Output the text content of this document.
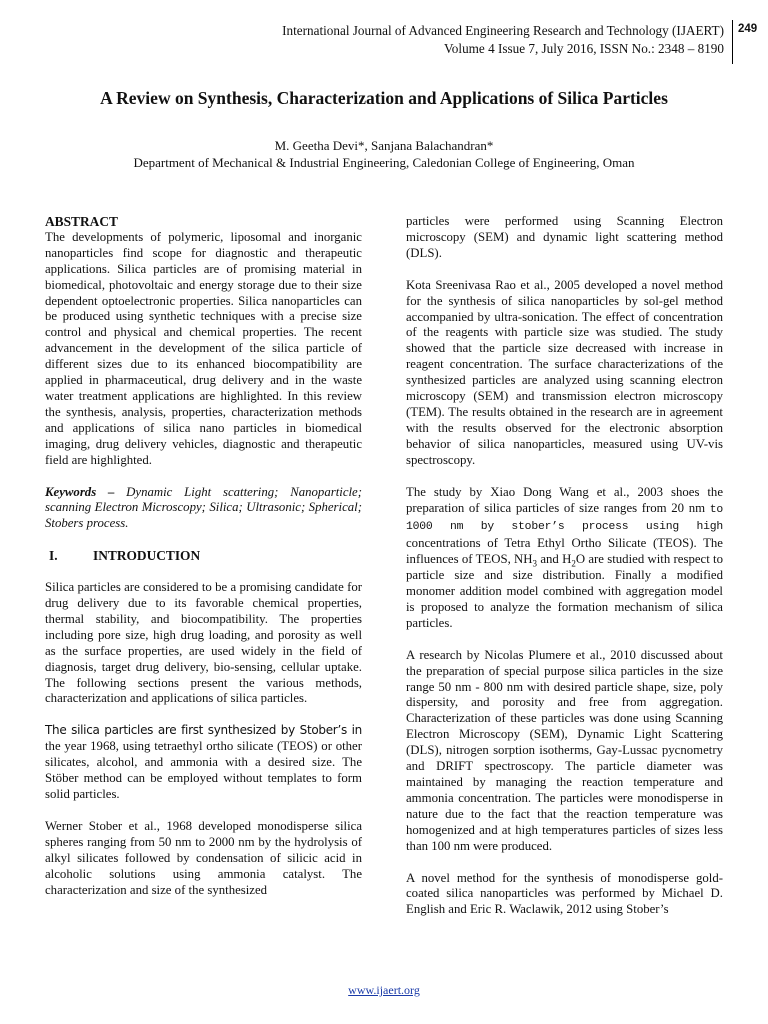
International Journal of Advanced Engineering Research and Technology (IJAERT)
Volume 4 Issue 7, July 2016, ISSN No.: 2348 – 8190
249
A Review on Synthesis, Characterization and Applications of Silica Particles
M. Geetha Devi*, Sanjana Balachandran*
Department of Mechanical & Industrial Engineering, Caledonian College of Engineering, Oman
ABSTRACT

The developments of polymeric, liposomal and inorganic nanoparticles find scope for diagnostic and therapeutic applications. Silica particles are of promising material in biomedical, photovoltaic and energy storage due to their size dependent optoelectronic properties. Silica nanoparticles can be produced using synthetic techniques with a precise size control and physical and chemical properties. The recent advancement in the development of the silica particle of different sizes due to its enhanced biocompatibility are applied in pharmaceutical, drug delivery and in the waste water treatment applications are highlighted. In this review the synthesis, analysis, properties, characterization methods and applications of silica nano particles in biomedical imaging, drug delivery vehicles, diagnostic and therapeutic field are highlighted.

Keywords – Dynamic Light scattering; Nanoparticle; scanning Electron Microscopy; Silica; Ultrasonic; Spherical; Stobers process.

I.	INTRODUCTION

Silica particles are considered to be a promising candidate for drug delivery due to its favorable chemical properties, thermal stability, and biocompatibility. The properties including pore size, high drug loading, and porosity as well as the surface properties, are used widely in the field of diagnosis, target drug delivery, bio-sensing, cellular uptake. The following sections present the various methods, characterization and applications of silica particles.

The silica particles are first synthesized by Stober’s in the year 1968, using tetraethyl ortho silicate (TEOS) or other silicates, alcohol, and ammonia with a desired size. The Stöber method can be employed without templates to form solid particles.

Werner Stober et al., 1968 developed monodisperse silica spheres ranging from 50 nm to 2000 nm by the hydrolysis of alkyl silicates followed by condensation of silicic acid in alcoholic solutions using ammonia catalyst. The characterization and size of the synthesized

particles were performed using Scanning Electron microscopy (SEM) and dynamic light scattering method (DLS).

Kota Sreenivasa Rao et al., 2005 developed a novel method for the synthesis of silica nanoparticles by sol-gel method accompanied by ultra-sonication. The effect of concentration of the reagents with particle size was studied. The study showed that the particle size decreased with increase in reagent concentration. The surface characterizations of the synthesized particles are analyzed using scanning electron microscopy (SEM) and transmission electron microscopy (TEM). The results obtained in the research are in agreement with the results observed for the electronic absorption behavior of silica nanoparticles, measured using UV-vis spectroscopy.

The study by Xiao Dong Wang et al., 2003 shoes the preparation of silica particles of size ranges from 20 nm to 1000 nm by stober’s process using high concentrations of Tetra Ethyl Ortho Silicate (TEOS). The influences of TEOS, $NH_3$ and $H_2O$ are studied with respect to particle size and size distribution. Finally a modified monomer addition model combined with aggregation model is proposed to analyze the formation mechanism of silica particles.

A research by Nicolas Plumere et al., 2010 discussed about the preparation of special purpose silica particles in the size range 50 nm - 800 nm with desired particle shape, size, poly dispersity, and porosity and free from aggregation. Characterization of these particles was done using Scanning Electron Microscopy (SEM), Dynamic Light Scattering (DLS), nitrogen sorption isotherms, Gay-Lussac pycnometry and DRIFT spectroscopy. The particle diameter was maintained by managing the reaction temperature and ammonia concentration. The particles were monodisperse in nature due to the fact that the reaction temperature was homogenized and at high temperatures particles of sizes less than 100 nm were produced.

A novel method for the synthesis of monodisperse gold-coated silica nanoparticles was performed by Michael D. English and Eric R. Waclawik, 2012 using Stober’s

www.ijaert.org
